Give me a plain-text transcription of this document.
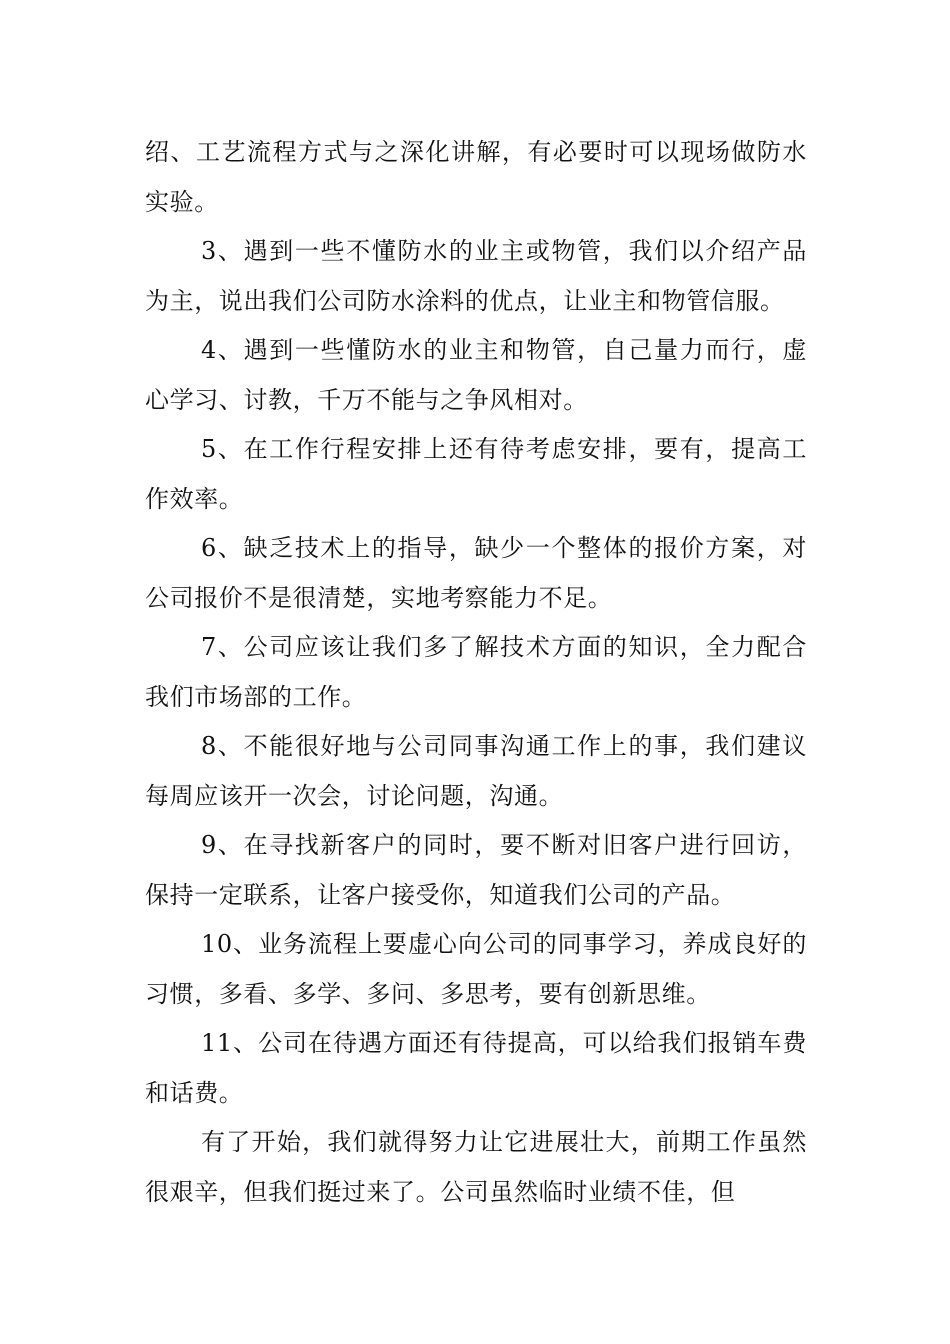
绍、工艺流程方式与之深化讲解，有必要时可以现场做防水实验。

3、遇到一些不懂防水的业主或物管，我们以介绍产品为主，说出我们公司防水涂料的优点，让业主和物管信服。

4、遇到一些懂防水的业主和物管，自己量力而行，虚心学习、讨教，千万不能与之争风相对。

5、在工作行程安排上还有待考虑安排，要有，提高工作效率。

6、缺乏技术上的指导，缺少一个整体的报价方案，对公司报价不是很清楚，实地考察能力不足。

7、公司应该让我们多了解技术方面的知识，全力配合我们市场部的工作。

8、不能很好地与公司同事沟通工作上的事，我们建议每周应该开一次会，讨论问题，沟通。

9、在寻找新客户的同时，要不断对旧客户进行回访，保持一定联系，让客户接受你，知道我们公司的产品。

10、业务流程上要虚心向公司的同事学习，养成良好的习惯，多看、多学、多问、多思考，要有创新思维。

11、公司在待遇方面还有待提高，可以给我们报销车费和话费。

有了开始，我们就得努力让它进展壮大，前期工作虽然很艰辛，但我们挺过来了。公司虽然临时业绩不佳，但
